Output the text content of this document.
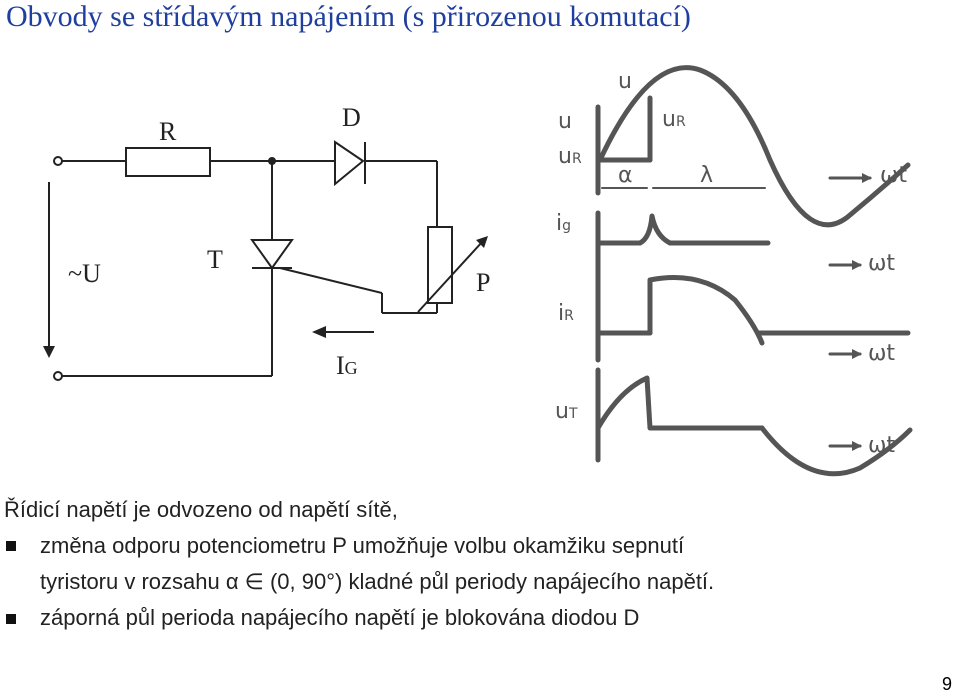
Obvody se střídavým napájením (s přirozenou komutací)
R	D
~U	T
P
IG
u
uR
u
uR
α	λ	ωt
ig
ωt
iR
ωt
uT
ωt
Řídicí napětí je odvozeno od napětí sítě,
změna odporu potenciometru P umožňuje volbu okamžiku sepnutí
tyristoru v rozsahu α ∈ (0, 90°) kladné půl periody napájecího napětí.
záporná půl perioda napájecího napětí je blokována diodou D
9
